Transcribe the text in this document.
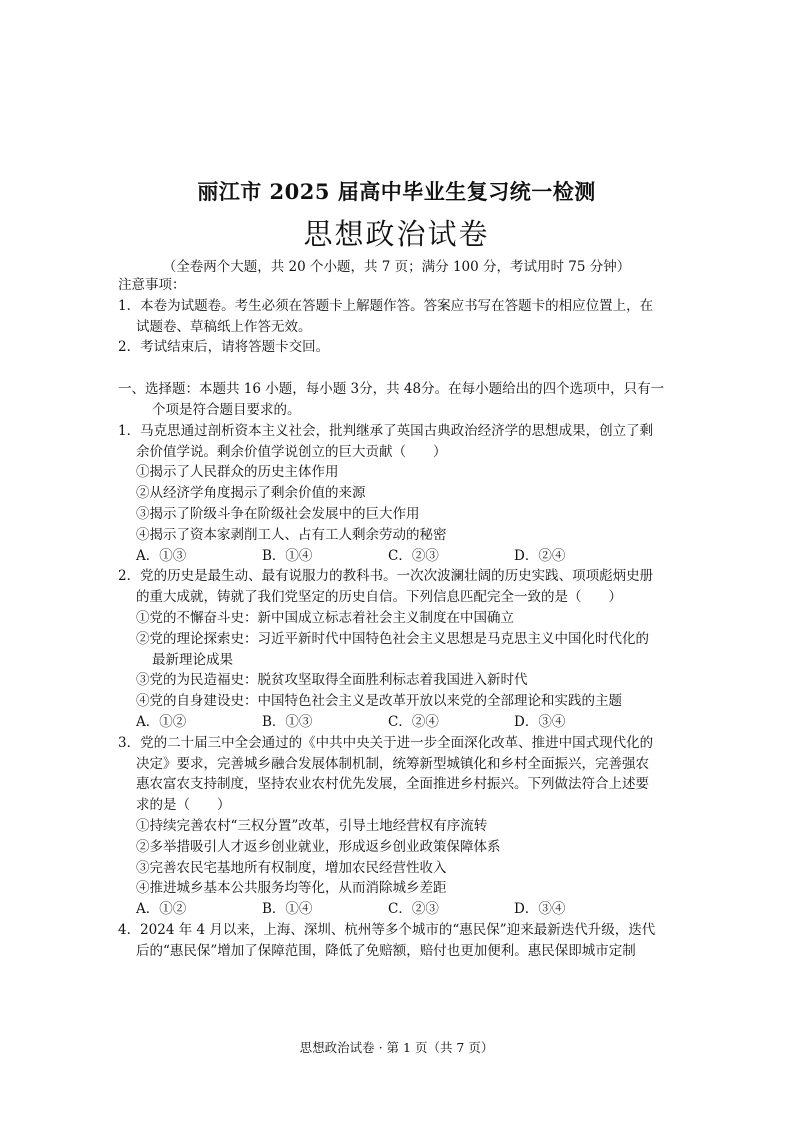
丽江市 2025 届高中毕业生复习统一检测
思想政治试卷
（全卷两个大题，共 20 个小题，共 7 页；满分 100 分，考试用时 75 分钟）
注意事项：
1．本卷为试题卷。考生必须在答题卡上解题作答。答案应书写在答题卡的相应位置上，在
试题卷、草稿纸上作答无效。
2．考试结束后，请将答题卡交回。
一、选择题：本题共 16 小题，每小题 3分，共 48分。在每小题给出的四个选项中，只有一
个项是符合题目要求的。
1．马克思通过剖析资本主义社会，批判继承了英国古典政治经济学的思想成果，创立了剩
余价值学说。剩余价值学说创立的巨大贡献（　　）
①揭示了人民群众的历史主体作用
②从经济学角度揭示了剩余价值的来源
③揭示了阶级斗争在阶级社会发展中的巨大作用
④揭示了资本家剥削工人、占有工人剩余劳动的秘密
A．①③	B．①④	C．②③	D．②④
2．党的历史是最生动、最有说服力的教科书。一次次波澜壮阔的历史实践、项项彪炳史册
的重大成就，铸就了我们党坚定的历史自信。下列信息匹配完全一致的是（　　）
①党的不懈奋斗史：新中国成立标志着社会主义制度在中国确立
②党的理论探索史：习近平新时代中国特色社会主义思想是马克思主义中国化时代化的
最新理论成果
③党的为民造福史：脱贫攻坚取得全面胜利标志着我国进入新时代
④党的自身建设史：中国特色社会主义是改革开放以来党的全部理论和实践的主题
A．①②	B．①③	C．②④	D．③④
3．党的二十届三中全会通过的《中共中央关于进一步全面深化改革、推进中国式现代化的
决定》要求，完善城乡融合发展体制机制，统筹新型城镇化和乡村全面振兴，完善强农
惠农富农支持制度，坚持农业农村优先发展，全面推进乡村振兴。下列做法符合上述要
求的是（　　）
①持续完善农村“三权分置”改革，引导土地经营权有序流转
②多举措吸引人才返乡创业就业，形成返乡创业政策保障体系
③完善农民宅基地所有权制度，增加农民经营性收入
④推进城乡基本公共服务均等化，从而消除城乡差距
A．①②	B．①④	C．②③	D．③④
4．2024 年 4 月以来，上海、深圳、杭州等多个城市的“惠民保”迎来最新迭代升级，迭代
后的“惠民保”增加了保障范围，降低了免赔额，赔付也更加便利。惠民保即城市定制
思想政治试卷 · 第 1 页（共 7 页）
